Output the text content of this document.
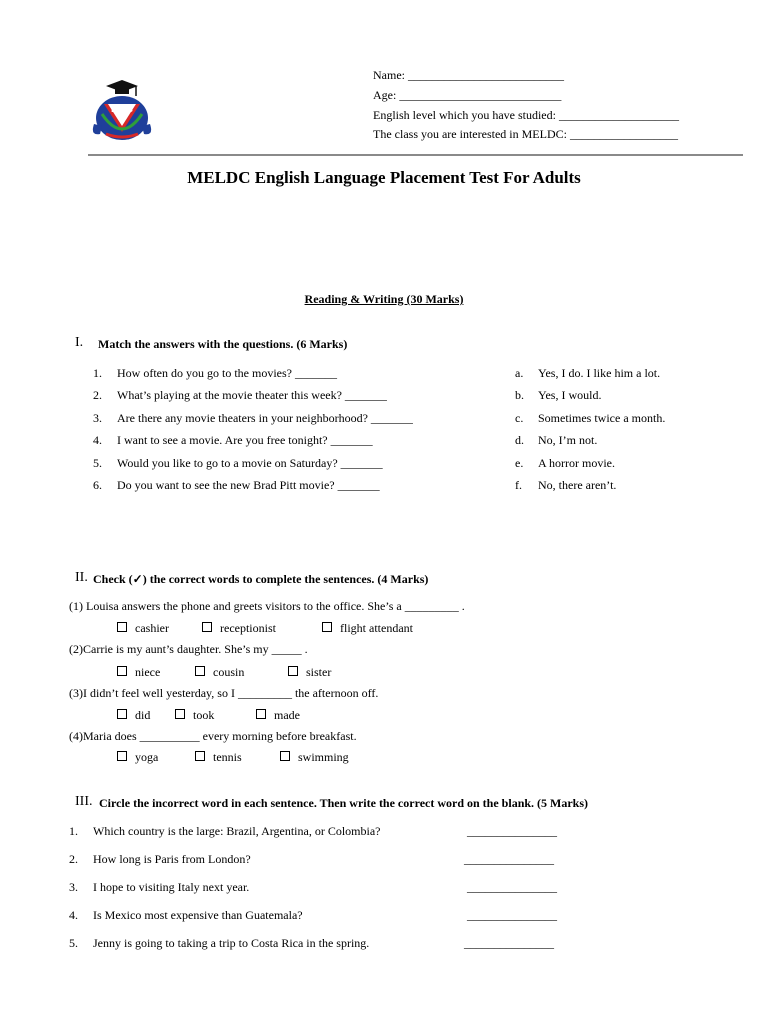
ELDC
Name: __________________________
Age: ___________________________
English level which you have studied: ____________________
The class you are interested in MELDC: __________________
MELDC English Language Placement Test For Adults
Reading & Writing (30 Marks)
I. Match the answers with the questions. (6 Marks)
1. How often do you go to the movies? _______
2. What’s playing at the movie theater this week? _______
3. Are there any movie theaters in your neighborhood? _______
4. I want to see a movie. Are you free tonight? _______
5. Would you like to go to a movie on Saturday? _______
6. Do you want to see the new Brad Pitt movie? _______
a. Yes, I do. I like him a lot.
b. Yes, I would.
c. Sometimes twice a month.
d. No, I’m not.
e. A horror movie.
f. No, there aren’t.
II. Check (✓) the correct words to complete the sentences. (4 Marks)
(1) Louisa answers the phone and greets visitors to the office. She’s a _________ .
cashier	receptionist	flight attendant
(2)Carrie is my aunt’s daughter. She’s my _____ .
niece	cousin	sister
(3)I didn’t feel well yesterday, so I _________ the afternoon off.
did	took	made
(4)Maria does __________ every morning before breakfast.
yoga	tennis	swimming
III. Circle the incorrect word in each sentence. Then write the correct word on the blank. (5 Marks)
1. Which country is the large: Brazil, Argentina, or Colombia?	_______________
2. How long is Paris from London?	_______________
3. I hope to visiting Italy next year.	_______________
4. Is Mexico most expensive than Guatemala?	_______________
5. Jenny is going to taking a trip to Costa Rica in the spring.	_______________
